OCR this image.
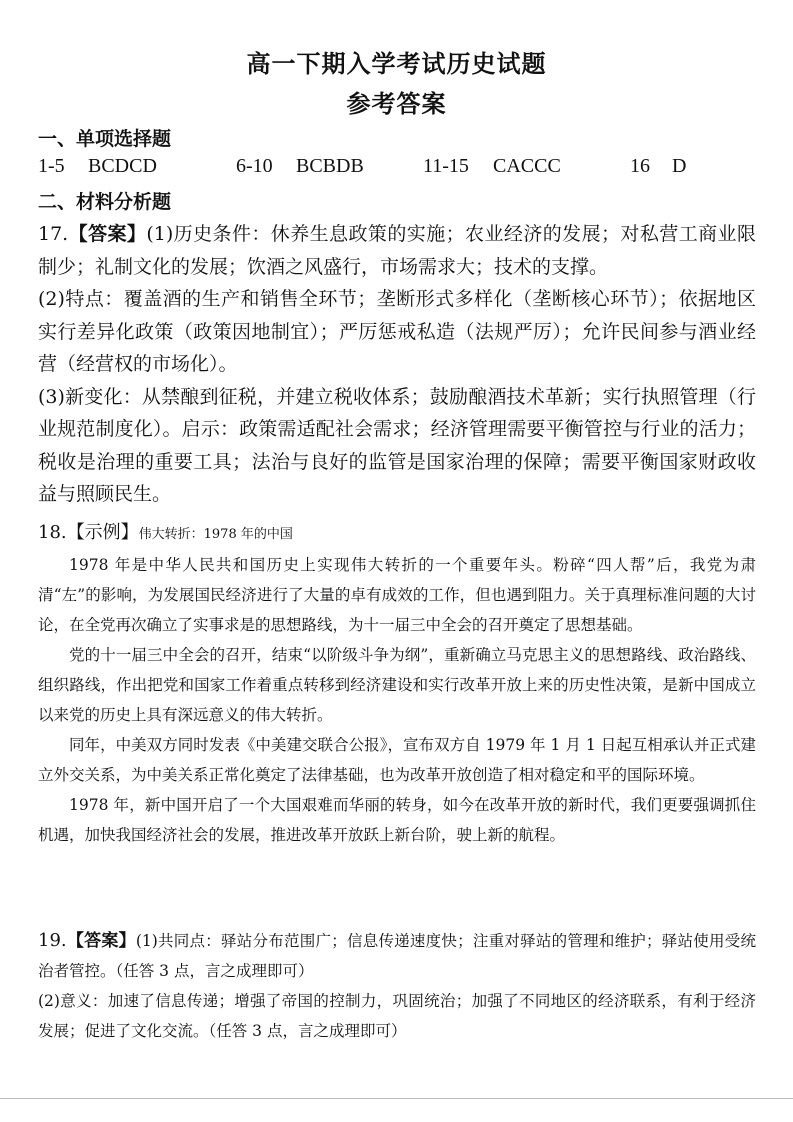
高一下期入学考试历史试题
参考答案
一、单项选择题
1-5 BCDCD	6-10 BCBDB	11-15 CACCC	16 D
二、材料分析题

17.【答案】(1)历史条件：休养生息政策的实施；农业经济的发展；对私营工商业限制少；礼制文化的发展；饮酒之风盛行，市场需求大；技术的支撑。

(2)特点：覆盖酒的生产和销售全环节；垄断形式多样化（垄断核心环节）；依据地区实行差异化政策（政策因地制宜）；严厉惩戒私造（法规严厉）；允许民间参与酒业经营（经营权的市场化）。

(3)新变化：从禁酿到征税，并建立税收体系；鼓励酿酒技术革新；实行执照管理（行业规范制度化）。启示：政策需适配社会需求；经济管理需要平衡管控与行业的活力；税收是治理的重要工具；法治与良好的监管是国家治理的保障；需要平衡国家财政收益与照顾民生。

18.【示例】伟大转折：1978 年的中国

1978 年是中华人民共和国历史上实现伟大转折的一个重要年头。粉碎“四人帮”后，我党为肃清“左”的影响，为发展国民经济进行了大量的卓有成效的工作，但也遇到阻力。关于真理标准问题的大讨论，在全党再次确立了实事求是的思想路线，为十一届三中全会的召开奠定了思想基础。

党的十一届三中全会的召开，结束“以阶级斗争为纲”，重新确立马克思主义的思想路线、政治路线、组织路线，作出把党和国家工作着重点转移到经济建设和实行改革开放上来的历史性决策，是新中国成立以来党的历史上具有深远意义的伟大转折。

同年，中美双方同时发表《中美建交联合公报》，宣布双方自 1979 年 1 月 1 日起互相承认并正式建立外交关系，为中美关系正常化奠定了法律基础，也为改革开放创造了相对稳定和平的国际环境。

1978 年，新中国开启了一个大国艰难而华丽的转身，如今在改革开放的新时代，我们更要强调抓住机遇，加快我国经济社会的发展，推进改革开放跃上新台阶，驶上新的航程。

19.【答案】(1)共同点：驿站分布范围广；信息传递速度快；注重对驿站的管理和维护；驿站使用受统治者管控。（任答 3 点，言之成理即可）

(2)意义：加速了信息传递；增强了帝国的控制力，巩固统治；加强了不同地区的经济联系，有利于经济发展；促进了文化交流。（任答 3 点，言之成理即可）
